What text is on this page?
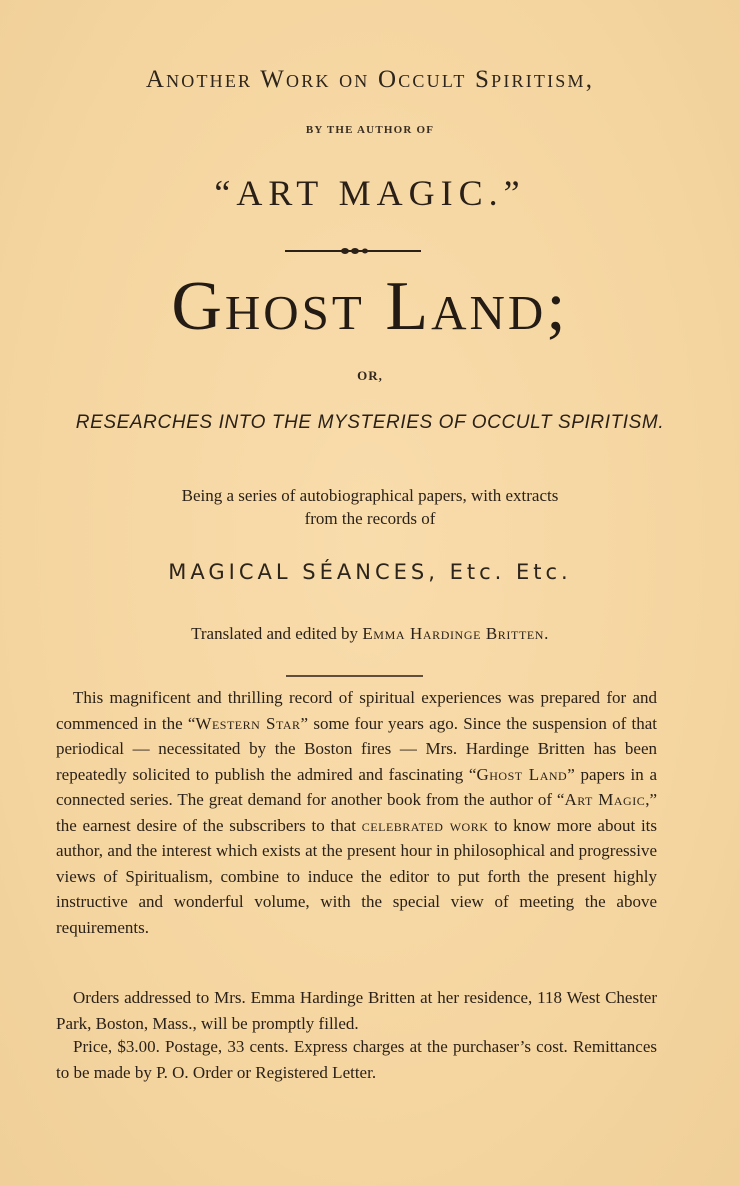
Another Work on Occult Spiritism,
BY THE AUTHOR OF
“ART MAGIC.”
Ghost Land;
OR,
RESEARCHES INTO THE MYSTERIES OF OCCULT SPIRITISM.
Being a series of autobiographical papers, with extracts
from the records of
MAGICAL SÉANCES, Etc. Etc.
Translated and edited by Emma Hardinge Britten.

This magnificent and thrilling record of spiritual experiences was prepared for and commenced in the “Western Star” some four years ago. Since the suspension of that periodical — necessitated by the Boston fires — Mrs. Hardinge Britten has been repeatedly solicited to publish the admired and fascinating “Ghost Land” papers in a connected series. The great demand for another book from the author of “Art Magic,” the earnest desire of the subscribers to that celebrated work to know more about its author, and the interest which exists at the present hour in philosophical and progressive views of Spiritualism, combine to induce the editor to put forth the present highly instructive and wonderful volume, with the special view of meeting the above requirements.

Orders addressed to Mrs. Emma Hardinge Britten at her residence, 118 West Chester Park, Boston, Mass., will be promptly filled.

Price, $3.00. Postage, 33 cents. Express charges at the purchaser’s cost. Remittances to be made by P. O. Order or Registered Letter.
